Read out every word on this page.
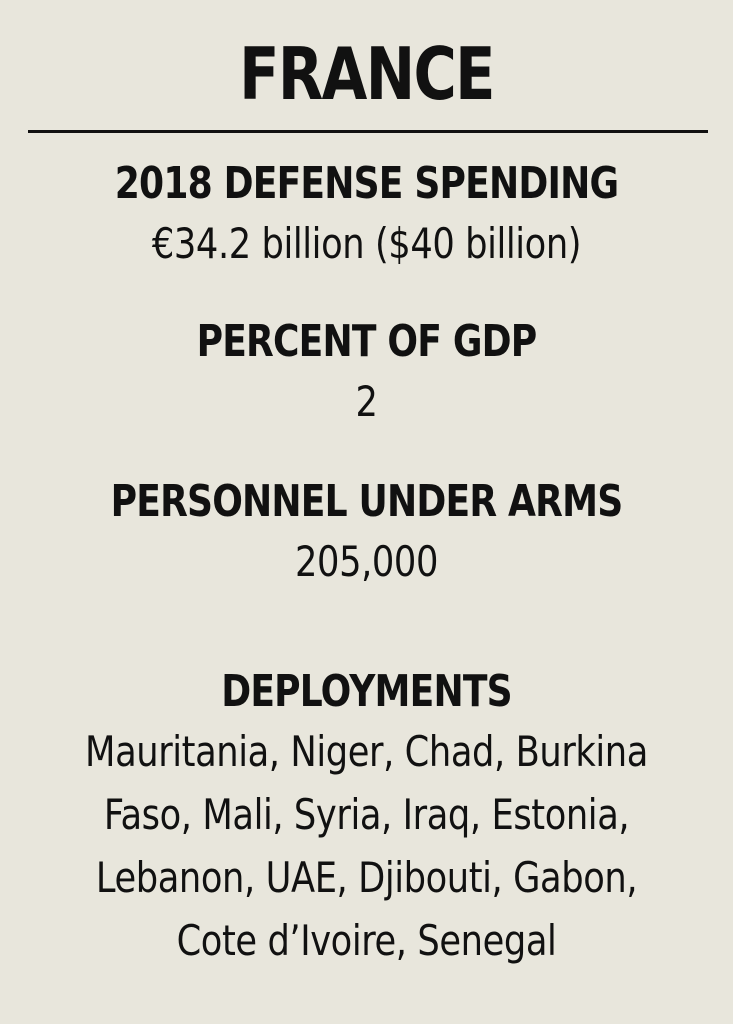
FRANCE
2018 DEFENSE SPENDING
€34.2 billion ($40 billion)
PERCENT OF GDP
2
PERSONNEL UNDER ARMS
205,000
DEPLOYMENTS
Mauritania, Niger, Chad, Burkina
Faso, Mali, Syria, Iraq, Estonia,
Lebanon, UAE, Djibouti, Gabon,
Cote d’Ivoire, Senegal
